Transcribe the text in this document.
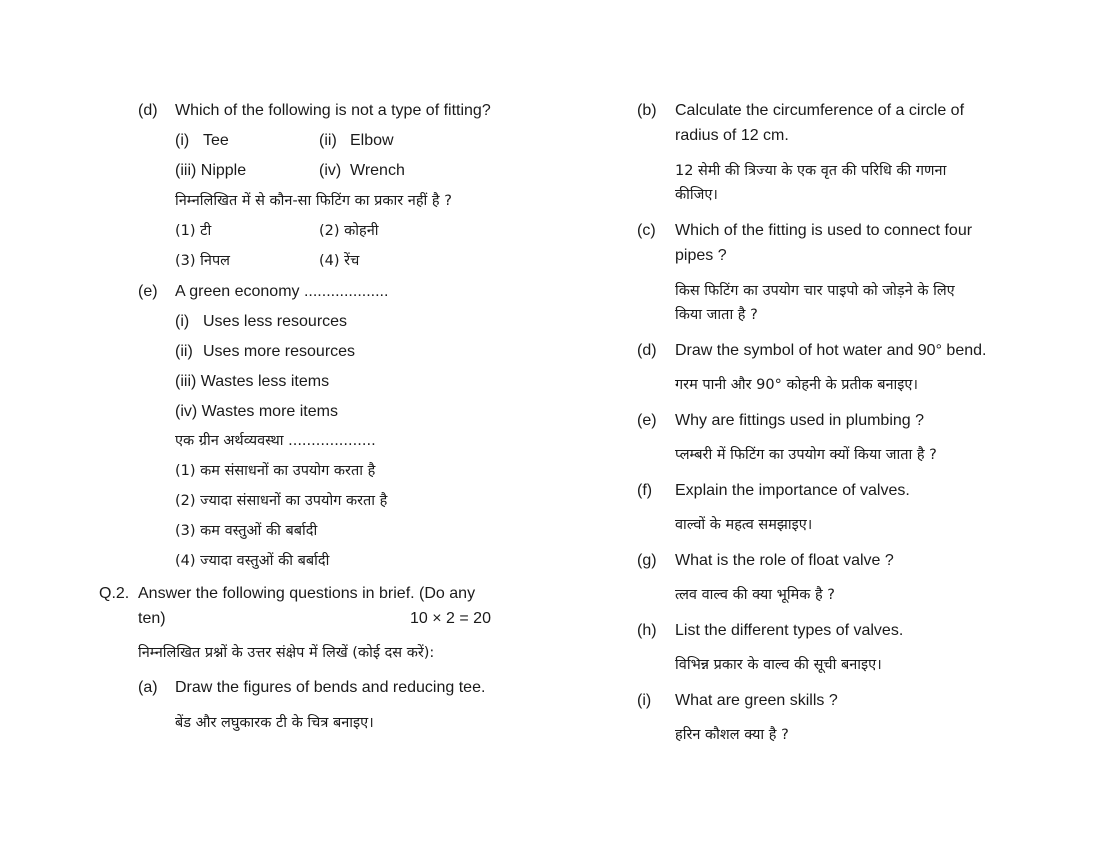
(d) Which of the following is not a type of fitting?
(i) Tee	(ii) Elbow
(iii) Nipple	(iv) Wrench
निम्नलिखित में से कौन-सा फिटिंग का प्रकार नहीं है ?
(1) टी	(2) कोहनी
(3) निपल	(4) रेंच
(e) A green economy ...................
(i) Uses less resources
(ii) Uses more resources
(iii) Wastes less items
(iv) Wastes more items
एक ग्रीन अर्थव्यवस्था ...................
(1) कम संसाधनों का उपयोग करता है
(2) ज्यादा संसाधनों का उपयोग करता है
(3) कम वस्तुओं की बर्बादी
(4) ज्यादा वस्तुओं की बर्बादी
Q.2. Answer the following questions in brief. (Do any
ten)	10 × 2 = 20
निम्नलिखित प्रश्नों के उत्तर संक्षेप में लिखें (कोई दस करें):
(a) Draw the figures of bends and reducing tee.
बेंड और लघुकारक टी के चित्र बनाइए।
(b) Calculate the circumference of a circle of
radius of 12 cm.
12 सेमी की त्रिज्या के एक वृत की परिधि की गणना
कीजिए।
(c) Which of the fitting is used to connect four
pipes ?
किस फिटिंग का उपयोग चार पाइपो को जोड़ने के लिए
किया जाता है ?
(d) Draw the symbol of hot water and 90° bend.
गरम पानी और 90° कोहनी के प्रतीक बनाइए।
(e) Why are fittings used in plumbing ?
प्लम्बरी में फिटिंग का उपयोग क्यों किया जाता है ?
(f) Explain the importance of valves.
वाल्वों के महत्व समझाइए।
(g) What is the role of float valve ?
त्लव वाल्व की क्या भूमिक है ?
(h) List the different types of valves.
विभिन्न प्रकार के वाल्व की सूची बनाइए।
(i) What are green skills ?
हरिन कौशल क्या है ?
